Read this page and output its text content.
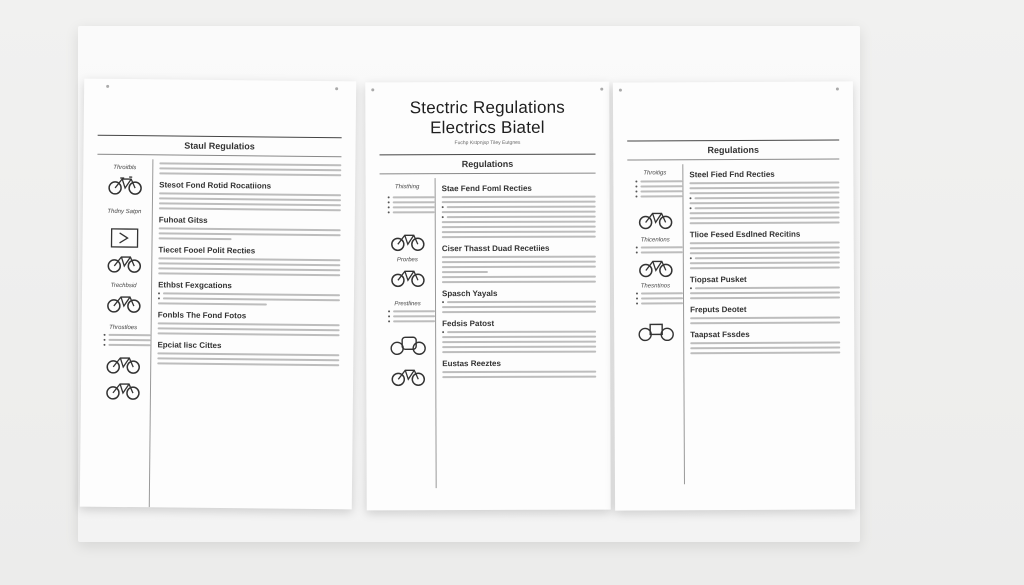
Staul Regulatios
Throitbls
Thdny Satpn
Trechbsid
Throstloes
Stesot Fond Rotid Rocatiions
Fuhoat Gitss
Tiecet Fooel Polit Recties
Ethbst Fexgcations
Fonbls The Fond Fotos
Epciat Iisc Cittes
Stectric Regulations
Electrics Biatel
Fuchp Kstpnjsp Tiley Eutgnes
Regulations
Thisthing
Prorbes
Prestlines
Stae Fend Foml Recties
Ciser Thasst Duad Recetiies
Spasch Yayals
Fedsis Patost
Eustas Reeztes
Regulations
Throitigs
Thicenlons
Thesntinos
Steel Fied Fnd Recties
Tlioe Fesed Esdlned Recitins
Tiopsat Pusket
Freputs Deotet
Taapsat Fssdes
